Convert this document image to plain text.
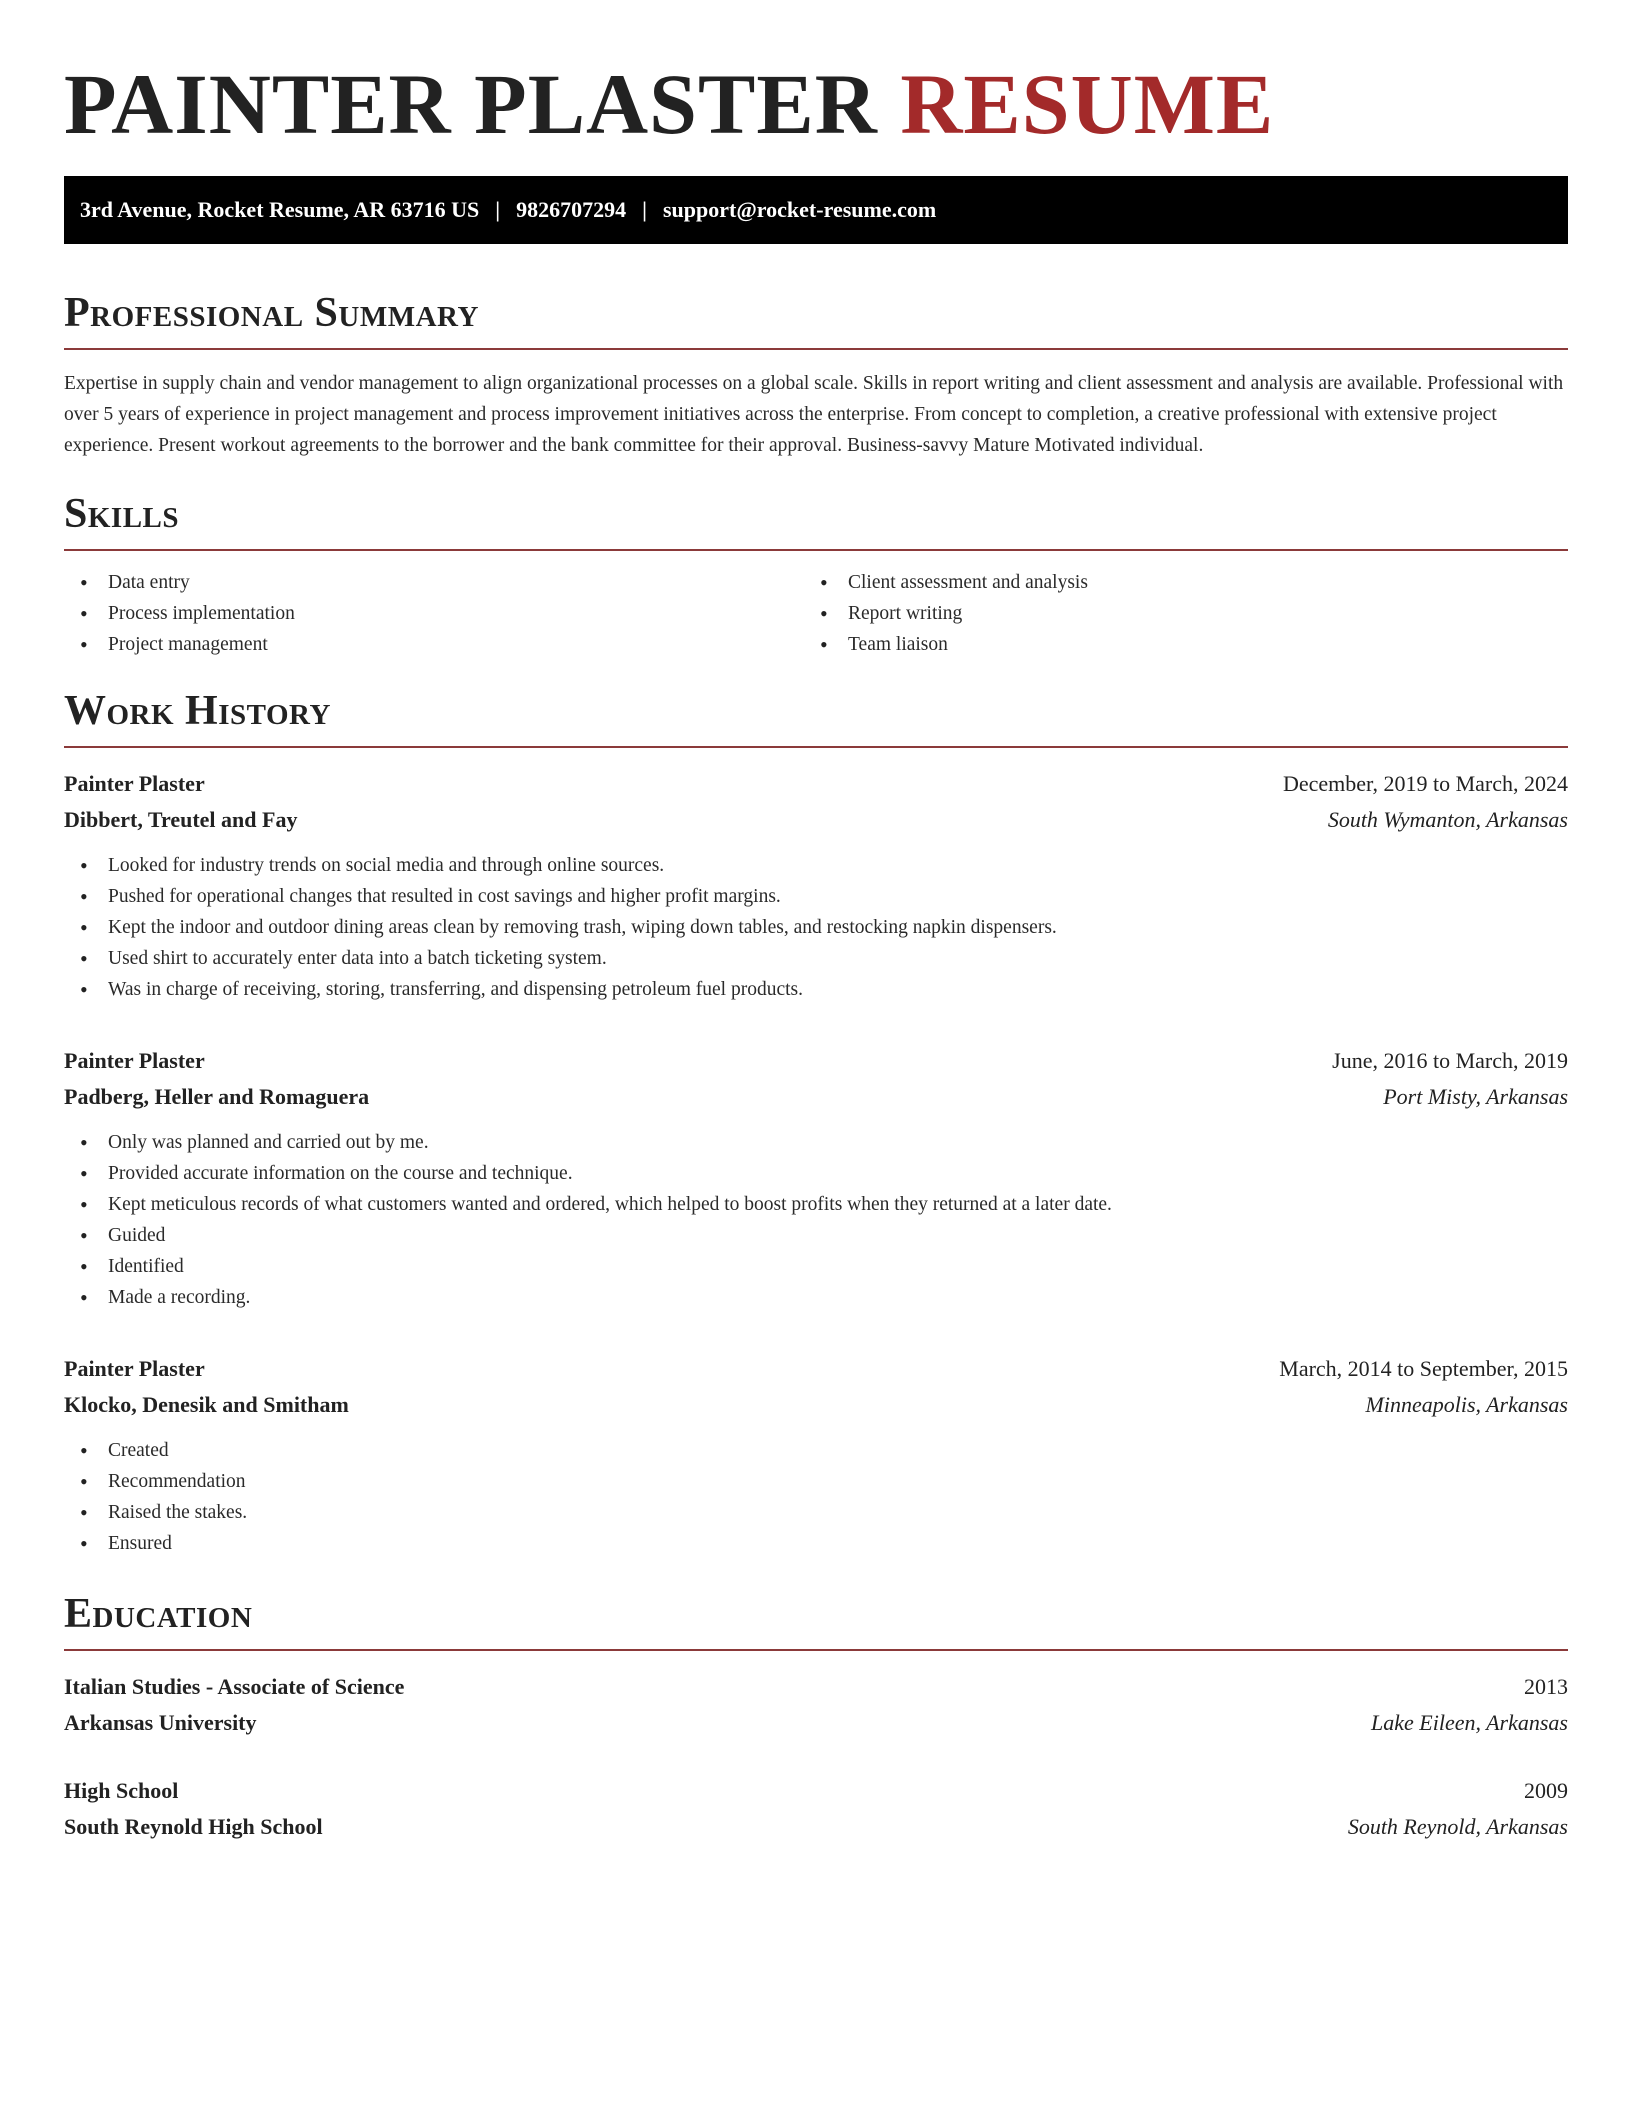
PAINTER PLASTER RESUME
3rd Avenue, Rocket Resume, AR 63716 US | 9826707294 | support@rocket-resume.com
Professional Summary

Expertise in supply chain and vendor management to align organizational processes on a global scale. Skills in report writing and client assessment and analysis are available. Professional with over 5 years of experience in project management and process improvement initiatives across the enterprise. From concept to completion, a creative professional with extensive project experience. Present workout agreements to the borrower and the bank committee for their approval. Business-savvy Mature Motivated individual.

Skills
• Data entry
• Process implementation
• Project management
• Client assessment and analysis
• Report writing
• Team liaison
Work History
Painter Plaster	December, 2019 to March, 2024
Dibbert, Treutel and Fay	South Wymanton, Arkansas
• Looked for industry trends on social media and through online sources.
• Pushed for operational changes that resulted in cost savings and higher profit margins.
• Kept the indoor and outdoor dining areas clean by removing trash, wiping down tables, and restocking napkin dispensers.
• Used shirt to accurately enter data into a batch ticketing system.
• Was in charge of receiving, storing, transferring, and dispensing petroleum fuel products.
Painter Plaster	June, 2016 to March, 2019
Padberg, Heller and Romaguera	Port Misty, Arkansas
• Only was planned and carried out by me.
• Provided accurate information on the course and technique.
• Kept meticulous records of what customers wanted and ordered, which helped to boost profits when they returned at a later date.
• Guided
• Identified
• Made a recording.
Painter Plaster	March, 2014 to September, 2015
Klocko, Denesik and Smitham	Minneapolis, Arkansas
• Created
• Recommendation
• Raised the stakes.
• Ensured
Education
Italian Studies - Associate of Science	2013
Arkansas University	Lake Eileen, Arkansas
High School	2009
South Reynold High School	South Reynold, Arkansas
